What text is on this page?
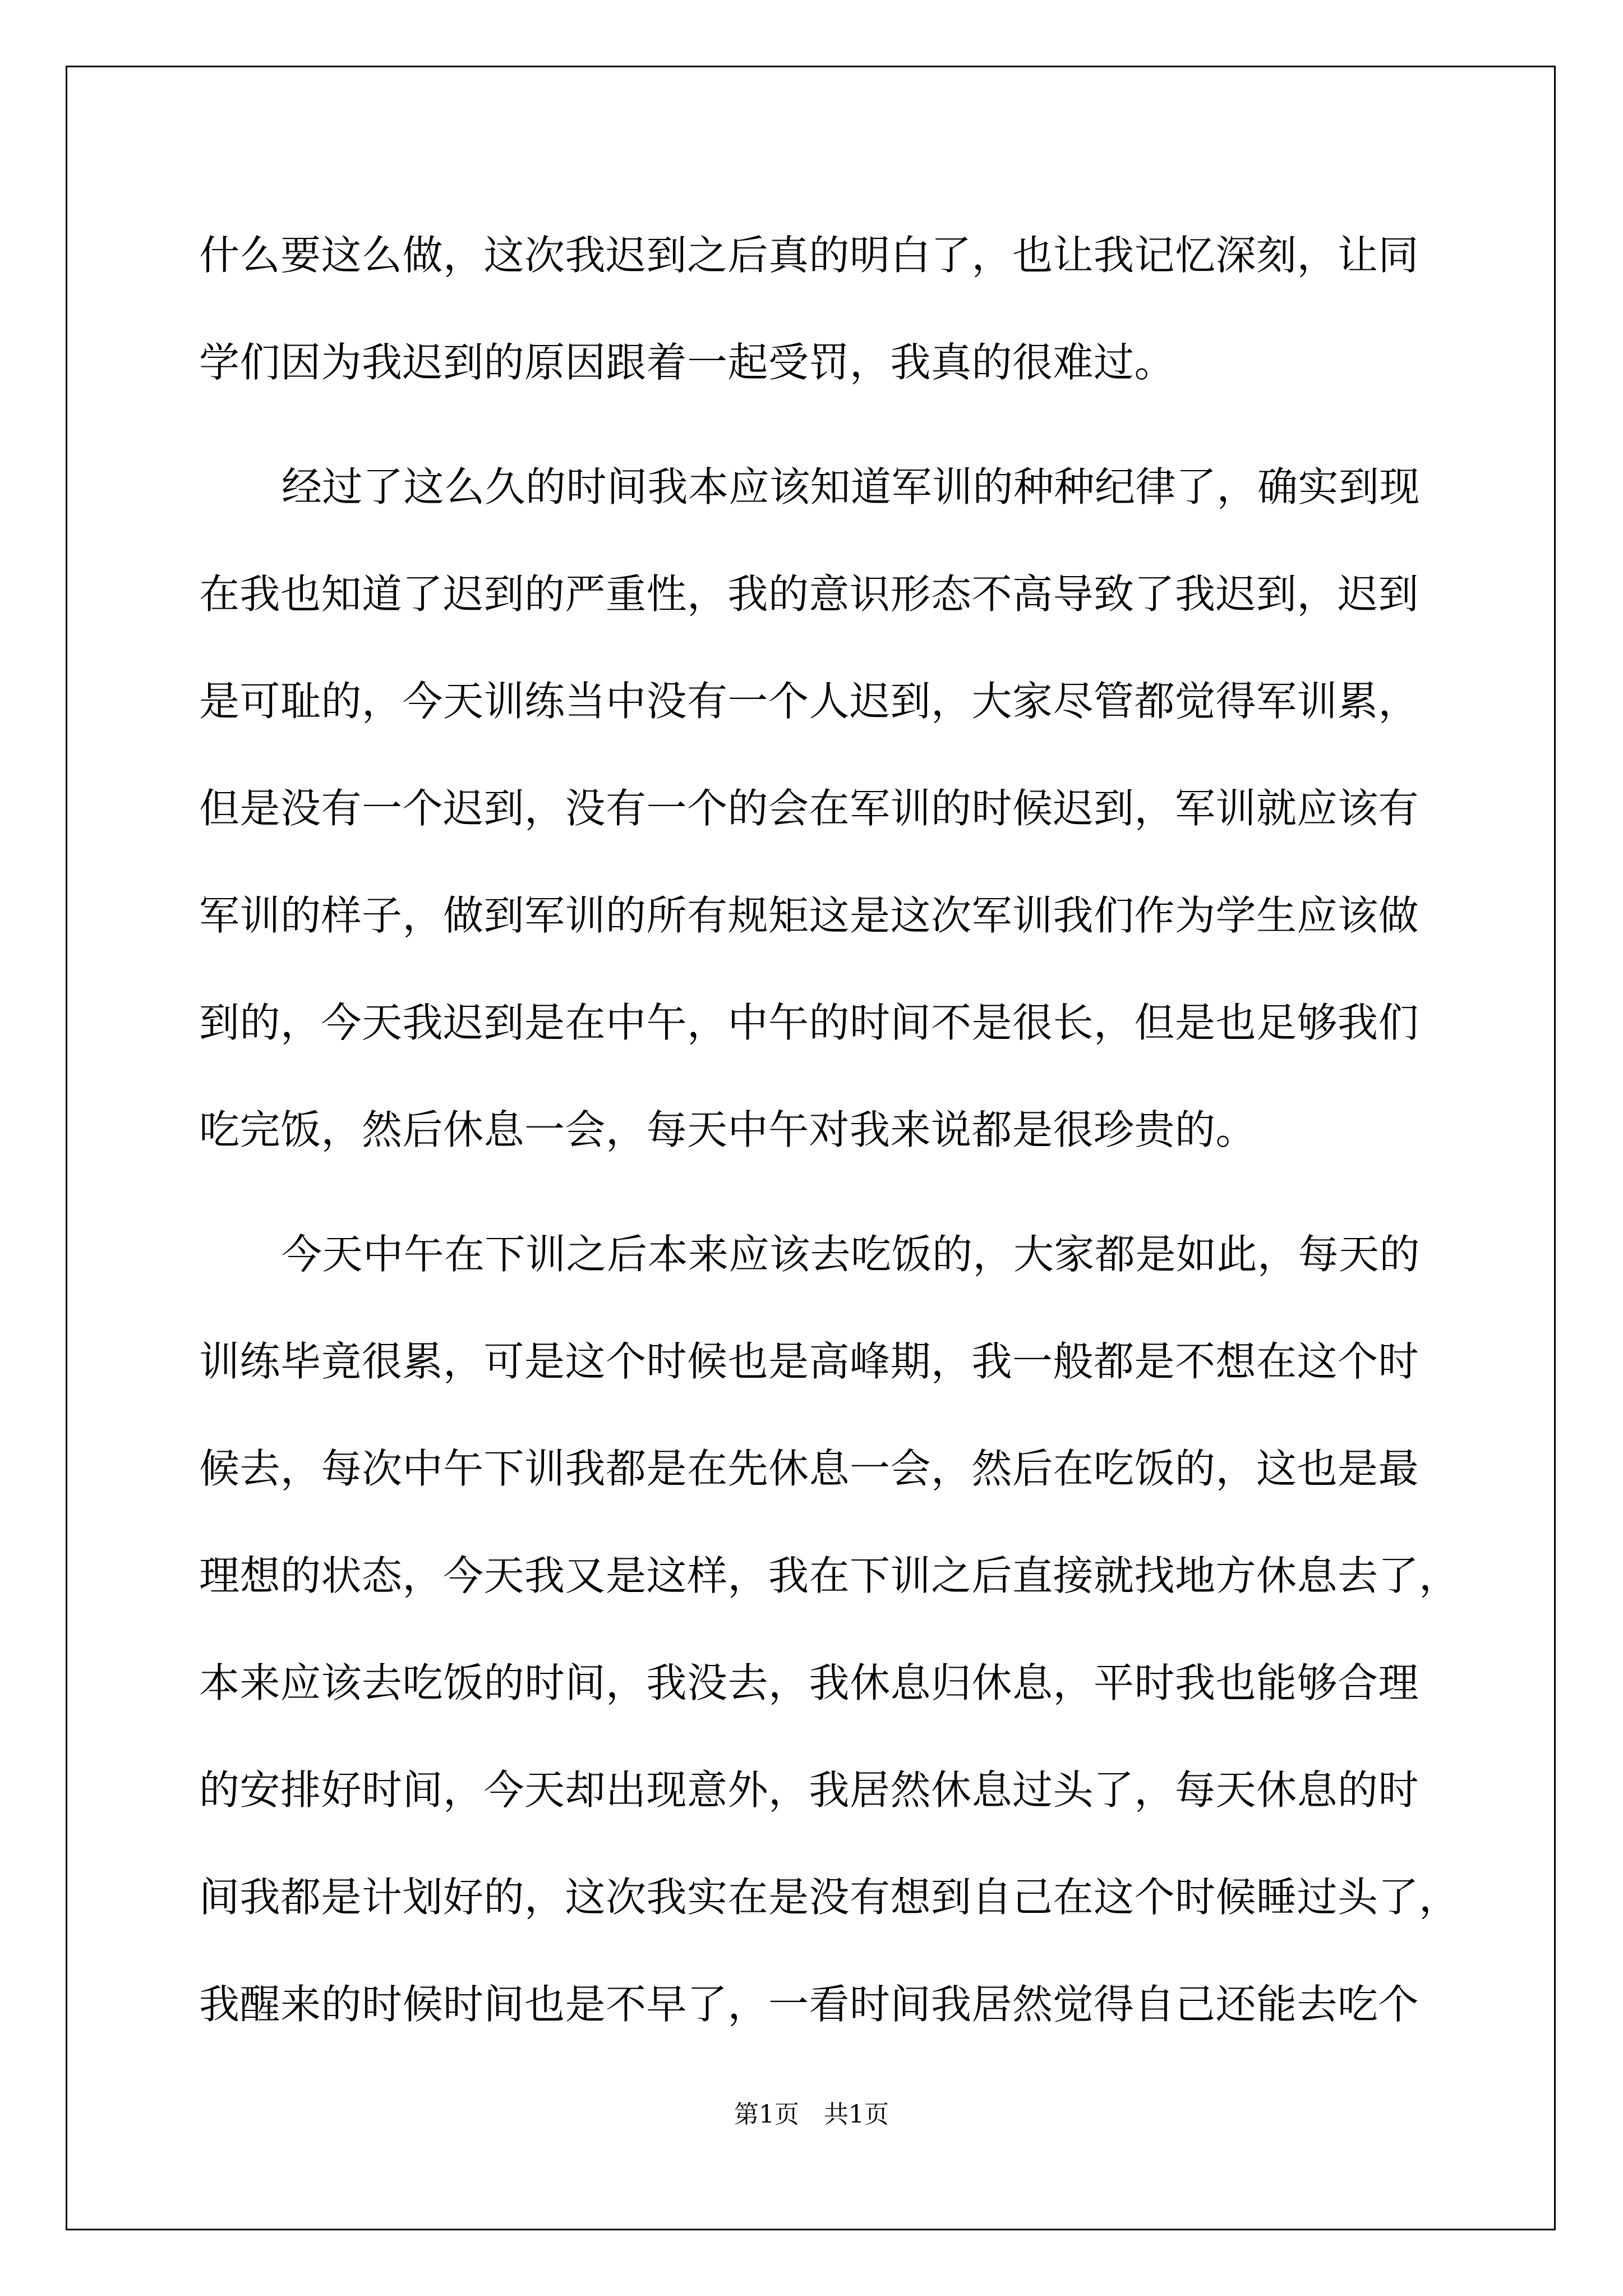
什么要这么做，这次我迟到之后真的明白了，也让我记忆深刻，让同
学们因为我迟到的原因跟着一起受罚，我真的很难过。
经过了这么久的时间我本应该知道军训的种种纪律了，确实到现
在我也知道了迟到的严重性，我的意识形态不高导致了我迟到，迟到
是可耻的，今天训练当中没有一个人迟到，大家尽管都觉得军训累，
但是没有一个迟到，没有一个的会在军训的时候迟到，军训就应该有
军训的样子，做到军训的所有规矩这是这次军训我们作为学生应该做
到的，今天我迟到是在中午，中午的时间不是很长，但是也足够我们
吃完饭，然后休息一会，每天中午对我来说都是很珍贵的。
今天中午在下训之后本来应该去吃饭的，大家都是如此，每天的
训练毕竟很累，可是这个时候也是高峰期，我一般都是不想在这个时
候去，每次中午下训我都是在先休息一会，然后在吃饭的，这也是最
理想的状态，今天我又是这样，我在下训之后直接就找地方休息去了，
本来应该去吃饭的时间，我没去，我休息归休息，平时我也能够合理
的安排好时间，今天却出现意外，我居然休息过头了，每天休息的时
间我都是计划好的，这次我实在是没有想到自己在这个时候睡过头了，
我醒来的时候时间也是不早了，一看时间我居然觉得自己还能去吃个
第1页　共1页
